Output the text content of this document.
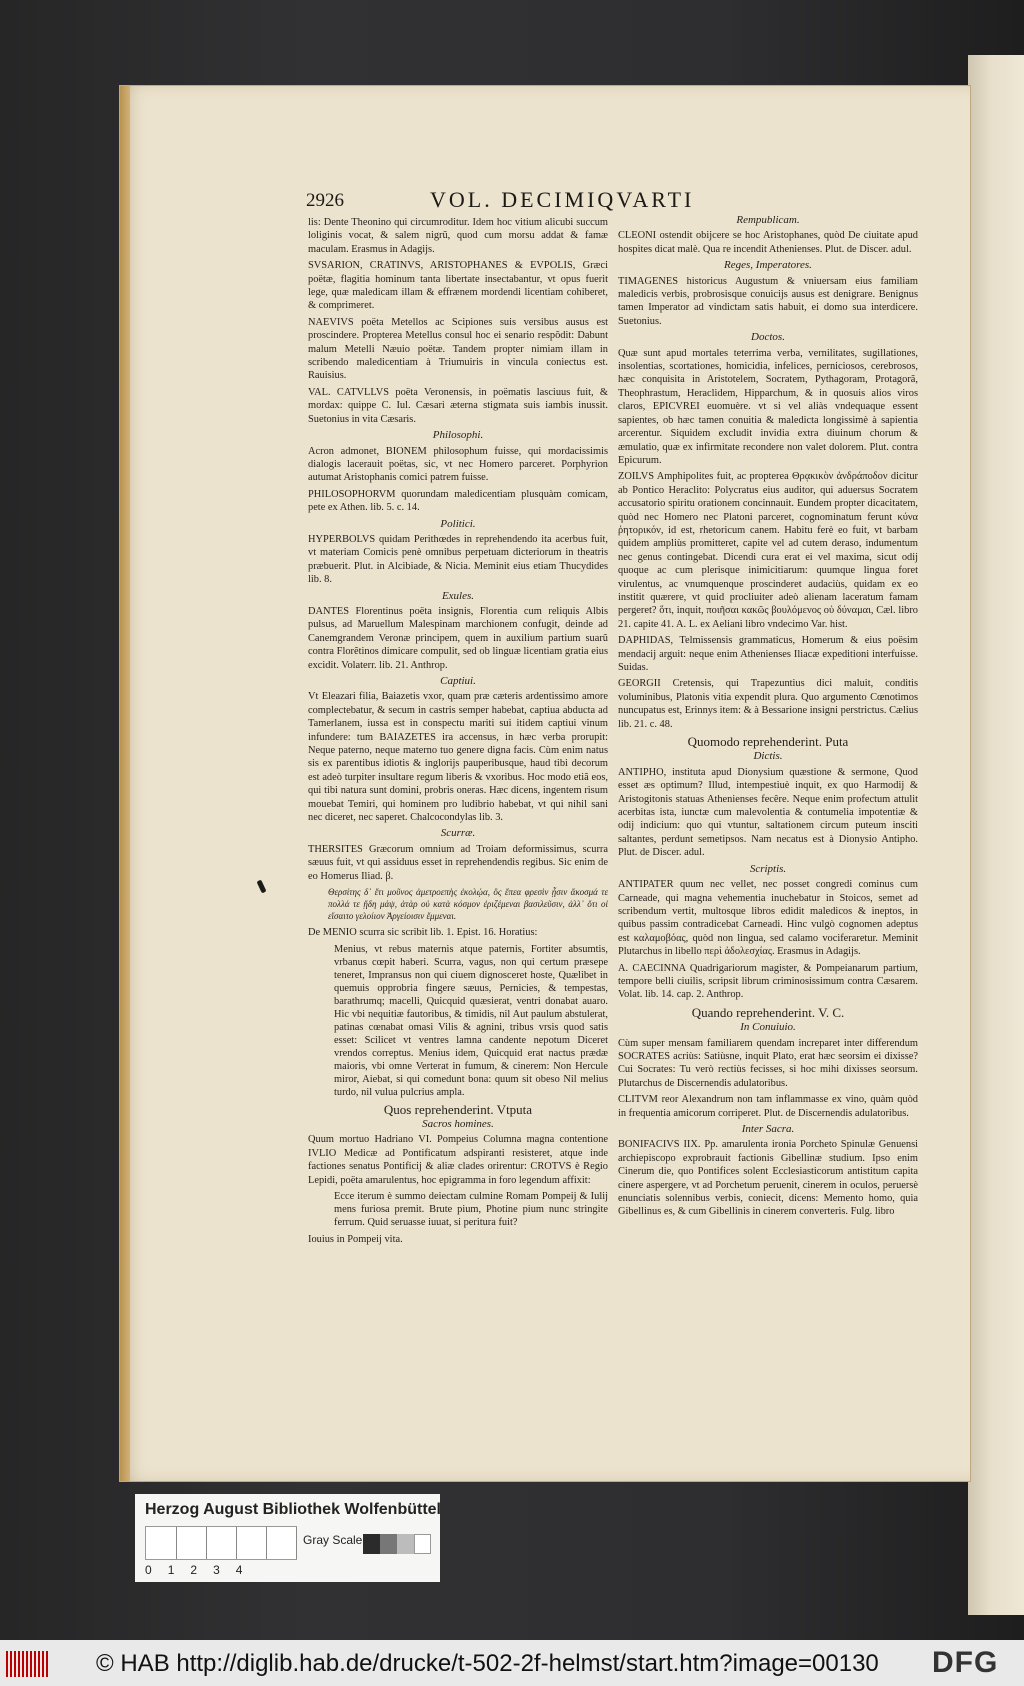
2926	VOL. DECIMIQVARTI

lis: Dente Theonino qui circumroditur. Idem hoc vitium alicubi succum loliginis vocat, & salem nigrũ, quod cum morsu addat & famæ maculam. Erasmus in Adagijs.

SVSARION, CRATINVS, ARISTOPHANES & EVPOLIS, Græci poëtæ, flagitia hominum tanta libertate insectabantur, vt opus fuerit lege, quæ maledicam illam & effrænem mordendi licentiam cohiberet, & comprimeret.

NAEVIVS poëta Metellos ac Scipiones suis versibus ausus est proscindere. Propterea Metellus consul hoc ei senario respõdit: Dabunt malum Metelli Næuio poëtæ. Tandem propter nimiam illam in scribendo maledicentiam à Triumuiris in vincula coniectus est. Rauisius.

VAL. CATVLLVS poëta Veronensis, in poëmatis lasciuus fuit, & mordax: quippe C. Iul. Cæsari æterna stigmata suis iambis inussit. Suetonius in vita Cæsaris.

Philosophi.

Acron admonet, BIONEM philosophum fuisse, qui mordacissimis dialogis lacerauit poëtas, sic, vt nec Homero parceret. Porphyrion autumat Aristophanis comici patrem fuisse.

PHILOSOPHORVM quorundam maledicentiam plusquàm comicam, pete ex Athen. lib. 5. c. 14.

Politici.

HYPERBOLVS quidam Perithœdes in reprehendendo ita acerbus fuit, vt materiam Comicis penè omnibus perpetuam dicteriorum in theatris præbuerit. Plut. in Alcibiade, & Nicia. Meminit eius etiam Thucydides lib. 8.

Exules.

DANTES Florentinus poëta insignis, Florentia cum reliquis Albis pulsus, ad Maruellum Malespinam marchionem confugit, deinde ad Canemgrandem Veronæ principem, quem in auxilium partium suarũ contra Florẽtinos dimicare compulit, sed ob linguæ licentiam gratia eius excidit. Volaterr. lib. 21. Anthrop.

Captiui.

Vt Eleazari filia, Baiazetis vxor, quam præ cæteris ardentissimo amore complectebatur, & secum in castris semper habebat, captiua abducta ad Tamerlanem, iussa est in conspectu mariti sui itidem captiui vinum infundere: tum BAIAZETES ira accensus, in hæc verba prorupit: Neque paterno, neque materno tuo genere digna facis. Cùm enim natus sis ex parentibus idiotis & inglorijs pauperibusque, haud tibi decorum est adeò turpiter insultare regum liberis & vxoribus. Hoc modo etiã eos, qui tibi natura sunt domini, probris oneras. Hæc dicens, ingentem risum mouebat Temiri, qui hominem pro ludibrio habebat, vt qui nihil sani nec diceret, nec saperet. Chalcocondylas lib. 3.

Scurræ.

THERSITES Græcorum omnium ad Troiam deformissimus, scurra sæuus fuit, vt qui assiduus esset in reprehendendis regibus. Sic enim de eo Homerus Iliad. β.

Θερσίτης δ᾽ ἔτι μοῦνος ἀμετροεπὴς ἐκολῴα, ὃς ἔπεα φρεσὶν ᾗσιν ἄκοσμά τε πολλά τε ᾔδη μάψ, ἀτὰρ οὐ κατὰ κόσμον ἐριζέμεναι βασιλεῦσιν, ἀλλ᾽ ὅτι οἱ εἴσαιτο γελοίιον Ἀργείοισιν ἔμμεναι.

De MENIO scurra sic scribit lib. 1. Epist. 16. Horatius:

Menius, vt rebus maternis atque paternis, Fortiter absumtis, vrbanus cœpit haberi. Scurra, vagus, non qui certum præsepe teneret, Impransus non qui ciuem dignosceret hoste, Quælibet in quemuis opprobria fingere sæuus, Pernicies, & tempestas, barathrumq; macelli, Quicquid quæsierat, ventri donabat auaro. Hic vbi nequitiæ fautoribus, & timidis, nil Aut paulum abstulerat, patinas cœnabat omasi Vilis & agnini, tribus vrsis quod satis esset: Scilicet vt ventres lamna candente nepotum Diceret vrendos correptus. Menius idem, Quicquid erat nactus prædæ maioris, vbi omne Verterat in fumum, & cinerem: Non Hercule miror, Aiebat, si qui comedunt bona: quum sit obeso Nil melius turdo, nil vulua pulcrius ampla.

Quos reprehenderint. Vtputa

Sacros homines.

Quum mortuo Hadriano VI. Pompeius Columna magna contentione IVLIO Medicæ ad Pontificatum adspiranti resisteret, atque inde factiones senatus Pontificij & aliæ clades orirentur: CROTVS è Regio Lepidi, poëta amarulentus, hoc epigramma in foro legendum affixit:

Ecce iterum è summo deiectam culmine Romam Pompeij & Iulij mens furiosa premit. Brute pium, Photine pium nunc stringite ferrum. Quid seruasse iuuat, si peritura fuit?

Iouius in Pompeij vita.

Rempublicam.

CLEONI ostendit obijcere se hoc Aristophanes, quòd De ciuitate apud hospites dicat malè. Qua re incendit Athenienses. Plut. de Discer. adul.

Reges, Imperatores.

TIMAGENES historicus Augustum & vniuersam eius familiam maledicis verbis, probrosisque conuicijs ausus est denigrare. Benignus tamen Imperator ad vindictam satis habuit, ei domo sua interdicere. Suetonius.

Doctos.

Quæ sunt apud mortales teterrima verba, vernilitates, sugillationes, insolentias, scortationes, homicidia, infelices, perniciosos, cerebrosos, hæc conquisita in Aristotelem, Socratem, Pythagoram, Protagorã, Theophrastum, Heraclidem, Hipparchum, & in quosuis alios viros claros, EPICVREI euomuère. vt si vel aliàs vndequaque essent sapientes, ob hæc tamen conuitia & maledicta longissimè à sapientia arcerentur. Siquidem excludit invidia extra diuinum chorum & æmulatio, quæ ex infirmitate recondere non valet dolorem. Plut. contra Epicurum.

ZOILVS Amphipolites fuit, ac propterea Θρᾳκικὸν ἀνδράποδον dicitur ab Pontico Heraclito: Polycratus eius auditor, qui aduersus Socratem accusatorio spiritu orationem concinnauit. Eundem propter dicacitatem, quòd nec Homero nec Platoni parceret, cognominatum ferunt κύνα ῥητορικόν, id est, rhetoricum canem. Habitu ferè eo fuit, vt barbam quidem ampliùs promitteret, capite vel ad cutem deraso, indumentum nec genus contingebat. Dicendi cura erat ei vel maxima, sicut odij quoque ac cum plerisque inimicitiarum: quumque lingua foret virulentus, ac vnumquenque proscinderet audaciùs, quidam ex eo institit quærere, vt quid procliuiter adeò alienam laceratum famam pergeret? ὅτι, inquit, ποιῆσαι κακῶς βουλόμενος οὐ δύναμαι, Cæl. libro 21. capite 41. A. L. ex Aeliani libro vndecimo Var. hist.

DAPHIDAS, Telmissensis grammaticus, Homerum & eius poësim mendacij arguit: neque enim Athenienses Iliacæ expeditioni interfuisse. Suidas.

GEORGII Cretensis, qui Trapezuntius dici maluit, conditis voluminibus, Platonis vitia expendit plura. Quo argumento Cœnotimos nuncupatus est, Erinnys item: & à Bessarione insigni perstrictus. Cælius lib. 21. c. 48.

Quomodo reprehenderint. Puta

Dictis.

ANTIPHO, instituta apud Dionysium quæstione & sermone, Quod esset æs optimum? Illud, intempestiuè inquit, ex quo Harmodij & Aristogitonis statuas Athenienses fecêre. Neque enim profectum attulit acerbitas ista, iunctæ cum malevolentia & contumelia impotentiæ & odij indicium: quo qui vtuntur, saltationem circum puteum insciti saltantes, perdunt semetipsos. Nam necatus est à Dionysio Antipho. Plut. de Discer. adul.

Scriptis.

ANTIPATER quum nec vellet, nec posset congredi cominus cum Carneade, qui magna vehementia inuchebatur in Stoicos, semet ad scribendum vertit, multosque libros edidit maledicos & ineptos, in quibus passim contradicebat Carneadi. Hinc vulgò cognomen adeptus est καλαμοβόας, quòd non lingua, sed calamo vociferaretur. Meminit Plutarchus in libello περὶ ἀδολεσχίας. Erasmus in Adagijs.

A. CAECINNA Quadrigariorum magister, & Pompeianarum partium, tempore belli ciuilis, scripsit librum criminosissimum contra Cæsarem. Volat. lib. 14. cap. 2. Anthrop.

Quando reprehenderint. V. C.

In Conuiuio.

Cùm super mensam familiarem quendam increparet inter differendum SOCRATES acriùs: Satiùsne, inquit Plato, erat hæc seorsim ei dixisse? Cui Socrates: Tu verò rectiùs fecisses, si hoc mihi dixisses seorsum. Plutarchus de Discernendis adulatoribus.

CLITVM reor Alexandrum non tam inflammasse ex vino, quàm quòd in frequentia amicorum corriperet. Plut. de Discernendis adulatoribus.

Inter Sacra.

BONIFACIVS IIX. Pp. amarulenta ironia Porcheto Spinulæ Genuensi archiepiscopo exprobrauit factionis Gibellinæ studium. Ipso enim Cinerum die, quo Pontifices solent Ecclesiasticorum antistitum capita cinere aspergere, vt ad Porchetum peruenit, cinerem in oculos, peruersè enunciatis solennibus verbis, coniecit, dicens: Memento homo, quia Gibellinus es, & cum Gibellinis in cinerem converteris. Fulg. libro

Herzog August Bibliothek Wolfenbüttel
01234
Gray Scale
© HAB http://diglib.hab.de/drucke/t-502-2f-helmst/start.htm?image=00130 DFG
